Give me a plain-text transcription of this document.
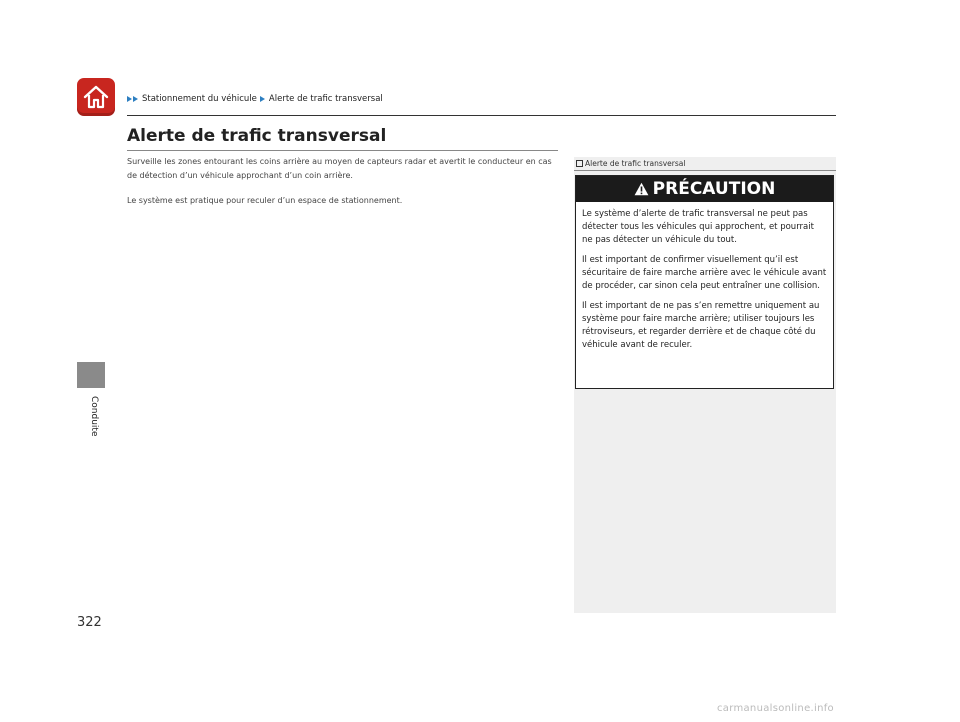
Stationnement du véhicule Alerte de trafic transversal
Conduite
Alerte de trafic transversal
Surveille les zones entourant les coins arrière au moyen de capteurs radar et avertit le conducteur en cas de détection d’un véhicule approchant d’un coin arrière.
Le système est pratique pour reculer d’un espace de stationnement.
Alerte de trafic transversal
PRÉCAUTION

Le système d’alerte de trafic transversal ne peut pas détecter tous les véhicules qui approchent, et pourrait ne pas détecter un véhicule du tout.

Il est important de confirmer visuellement qu’il est sécuritaire de faire marche arrière avec le véhicule avant de procéder, car sinon cela peut entraîner une collision.

Il est important de ne pas s’en remettre uniquement au système pour faire marche arrière; utiliser toujours les rétroviseurs, et regarder derrière et de chaque côté du véhicule avant de reculer.

322
carmanualsonline.info
